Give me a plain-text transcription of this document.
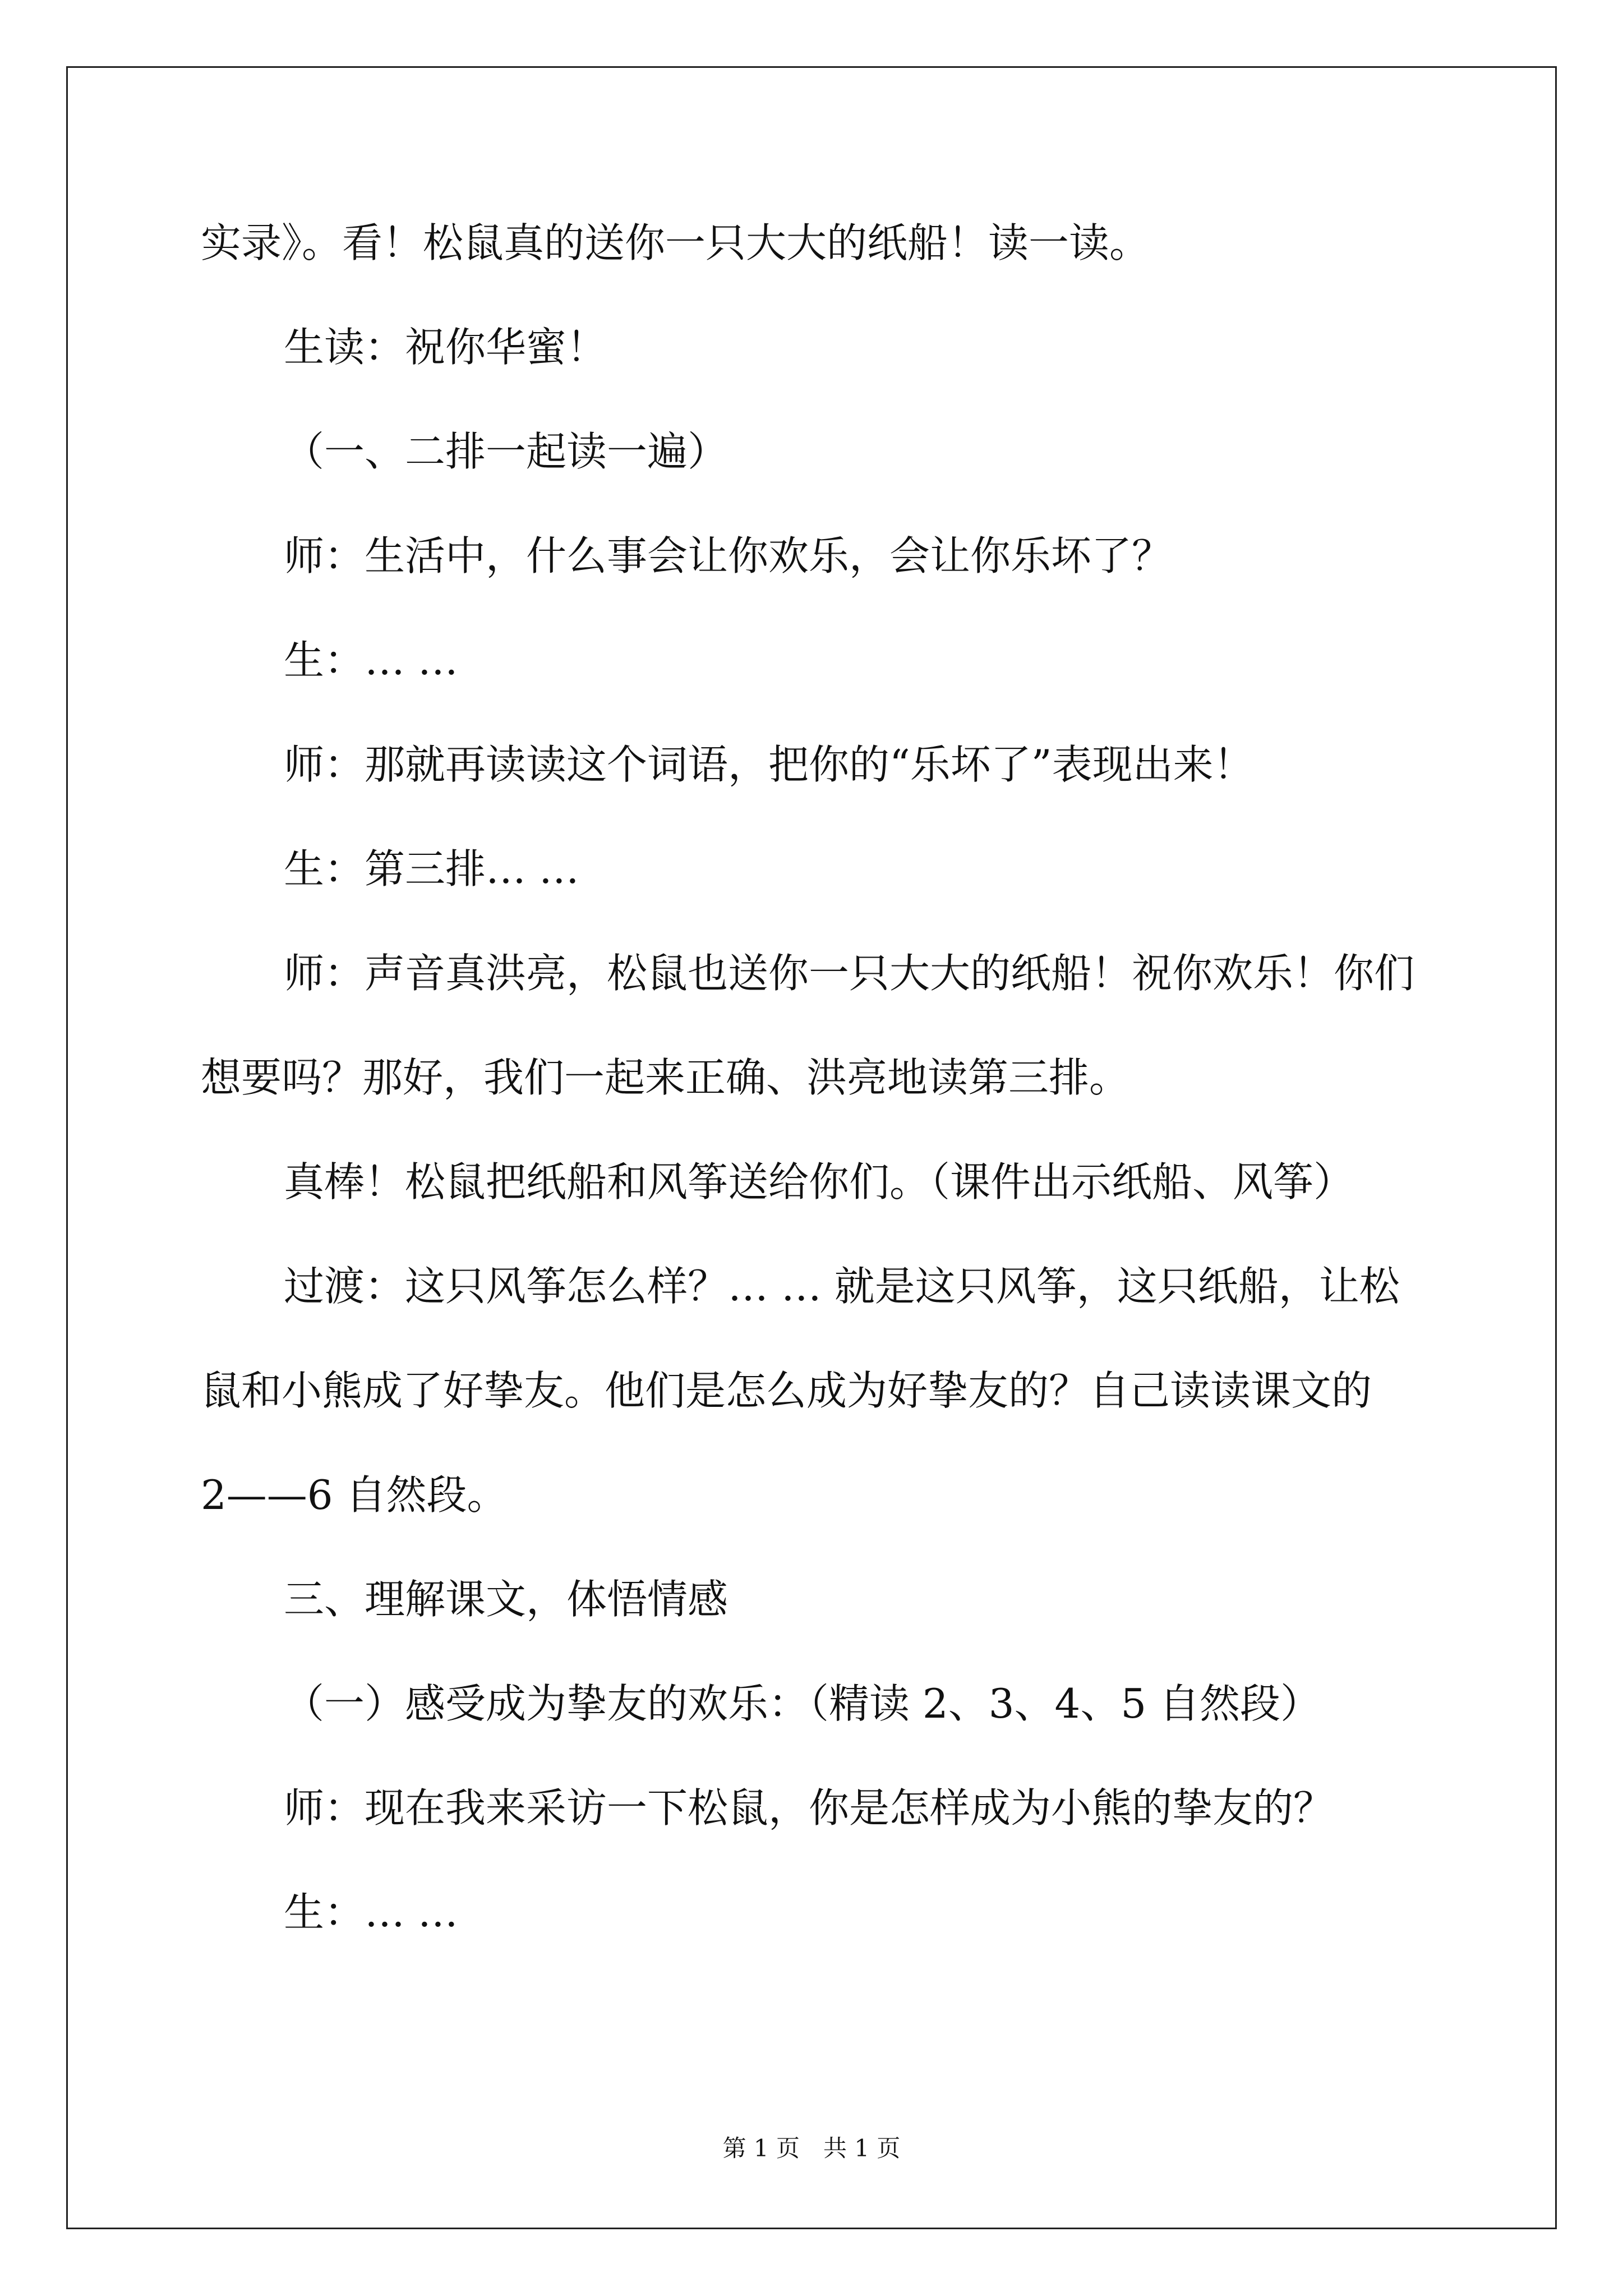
实录》。看！松鼠真的送你一只大大的纸船！读一读。

生读：祝你华蜜！

（一、二排一起读一遍）

师：生活中，什么事会让你欢乐，会让你乐坏了？

生：… …

师：那就再读读这个词语，把你的“乐坏了”表现出来！

生：第三排… …

师：声音真洪亮，松鼠也送你一只大大的纸船！祝你欢乐！你们

想要吗？那好，我们一起来正确、洪亮地读第三排。

真棒！松鼠把纸船和风筝送给你们。（课件出示纸船、风筝）

过渡：这只风筝怎么样？… … 就是这只风筝，这只纸船，让松

鼠和小熊成了好挚友。他们是怎么成为好挚友的？自己读读课文的

2——6 自然段。

三、理解课文，体悟情感

（一）感受成为挚友的欢乐：（精读 2、3、4、5 自然段）

师：现在我来采访一下松鼠，你是怎样成为小熊的挚友的？

生：… …

第 1 页　共 1 页
